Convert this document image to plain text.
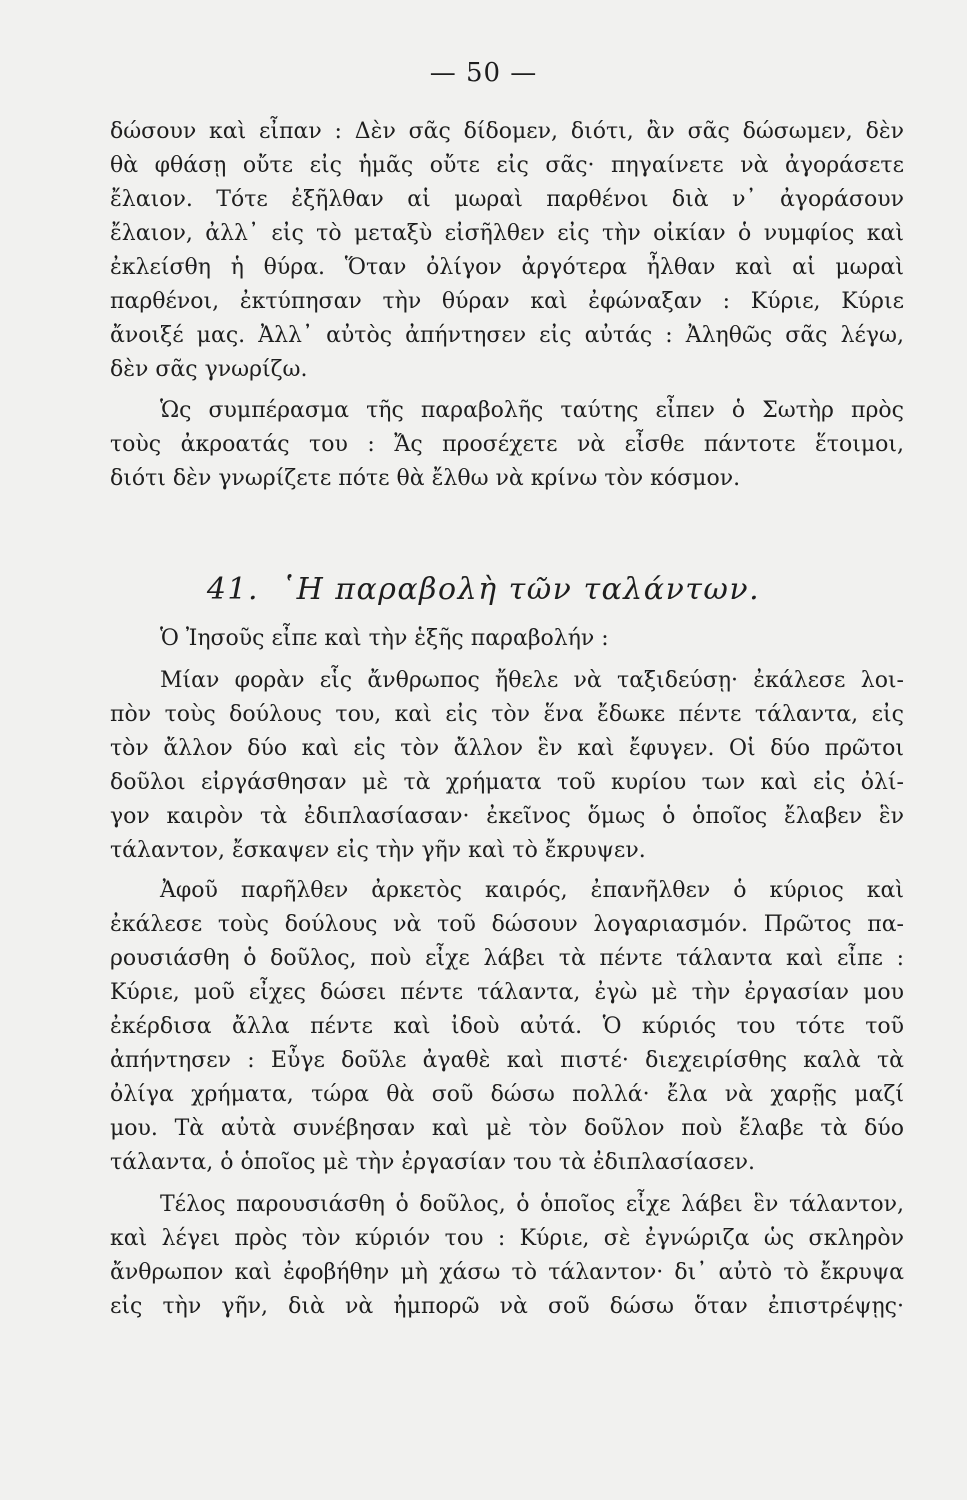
— 50 —
δώσουν καὶ εἶπαν : Δὲν σᾶς δίδομεν, διότι, ἂν σᾶς δώσωμεν, δὲν
θὰ φθάσῃ οὔτε εἰς ἡμᾶς οὔτε εἰς σᾶς· πηγαίνετε νὰ ἀγοράσετε
ἔλαιον. Τότε ἐξῆλθαν αἱ μωραὶ παρθένοι διὰ ν᾽ ἀγοράσουν
ἔλαιον, ἀλλ᾽ εἰς τὸ μεταξὺ εἰσῆλθεν εἰς τὴν οἰκίαν ὁ νυμφίος καὶ
ἐκλείσθη ἡ θύρα. Ὅταν ὀλίγον ἀργότερα ἦλθαν καὶ αἱ μωραὶ
παρθένοι, ἐκτύπησαν τὴν θύραν καὶ ἐφώναξαν : Κύριε, Κύριε
ἄνοιξέ μας. Ἀλλ᾽ αὐτὸς ἀπήντησεν εἰς αὐτάς : Ἀληθῶς σᾶς λέγω,
δὲν σᾶς γνωρίζω.
Ὡς συμπέρασμα τῆς παραβολῆς ταύτης εἶπεν ὁ Σωτὴρ πρὸς
τοὺς ἀκροατάς του : Ἄς προσέχετε νὰ εἶσθε πάντοτε ἕτοιμοι,
διότι δὲν γνωρίζετε πότε θὰ ἔλθω νὰ κρίνω τὸν κόσμον.
41. ῾Η παραβολὴ τῶν ταλάντων.
Ὁ Ἰησοῦς εἶπε καὶ τὴν ἑξῆς παραβολήν :
Μίαν φορὰν εἷς ἄνθρωπος ἤθελε νὰ ταξιδεύσῃ· ἐκάλεσε λοι-
πὸν τοὺς δούλους του, καὶ εἰς τὸν ἕνα ἔδωκε πέντε τάλαντα, εἰς
τὸν ἄλλον δύο καὶ εἰς τὸν ἄλλον ἓν καὶ ἔφυγεν. Οἱ δύο πρῶτοι
δοῦλοι εἰργάσθησαν μὲ τὰ χρήματα τοῦ κυρίου των καὶ εἰς ὀλί-
γον καιρὸν τὰ ἐδιπλασίασαν· ἐκεῖνος ὅμως ὁ ὁποῖος ἔλαβεν ἓν
τάλαντον, ἔσκαψεν εἰς τὴν γῆν καὶ τὸ ἔκρυψεν.
Ἀφοῦ παρῆλθεν ἀρκετὸς καιρός, ἐπανῆλθεν ὁ κύριος καὶ
ἐκάλεσε τοὺς δούλους νὰ τοῦ δώσουν λογαριασμόν. Πρῶτος πα-
ρουσιάσθη ὁ δοῦλος, ποὺ εἶχε λάβει τὰ πέντε τάλαντα καὶ εἶπε :
Κύριε, μοῦ εἶχες δώσει πέντε τάλαντα, ἐγὼ μὲ τὴν ἐργασίαν μου
ἐκέρδισα ἄλλα πέντε καὶ ἰδοὺ αὐτά. Ὁ κύριός του τότε τοῦ
ἀπήντησεν : Εὖγε δοῦλε ἀγαθὲ καὶ πιστέ· διεχειρίσθης καλὰ τὰ
ὀλίγα χρήματα, τώρα θὰ σοῦ δώσω πολλά· ἔλα νὰ χαρῇς μαζί
μου. Τὰ αὐτὰ συνέβησαν καὶ μὲ τὸν δοῦλον ποὺ ἔλαβε τὰ δύο
τάλαντα, ὁ ὁποῖος μὲ τὴν ἐργασίαν του τὰ ἐδιπλασίασεν.
Τέλος παρουσιάσθη ὁ δοῦλος, ὁ ὁποῖος εἶχε λάβει ἓν τάλαντον,
καὶ λέγει πρὸς τὸν κύριόν του : Κύριε, σὲ ἐγνώριζα ὡς σκληρὸν
ἄνθρωπον καὶ ἐφοβήθην μὴ χάσω τὸ τάλαντον· δι᾽ αὐτὸ τὸ ἔκρυψα
εἰς τὴν γῆν, διὰ νὰ ἠμπορῶ νὰ σοῦ δώσω ὅταν ἐπιστρέψῃς·
